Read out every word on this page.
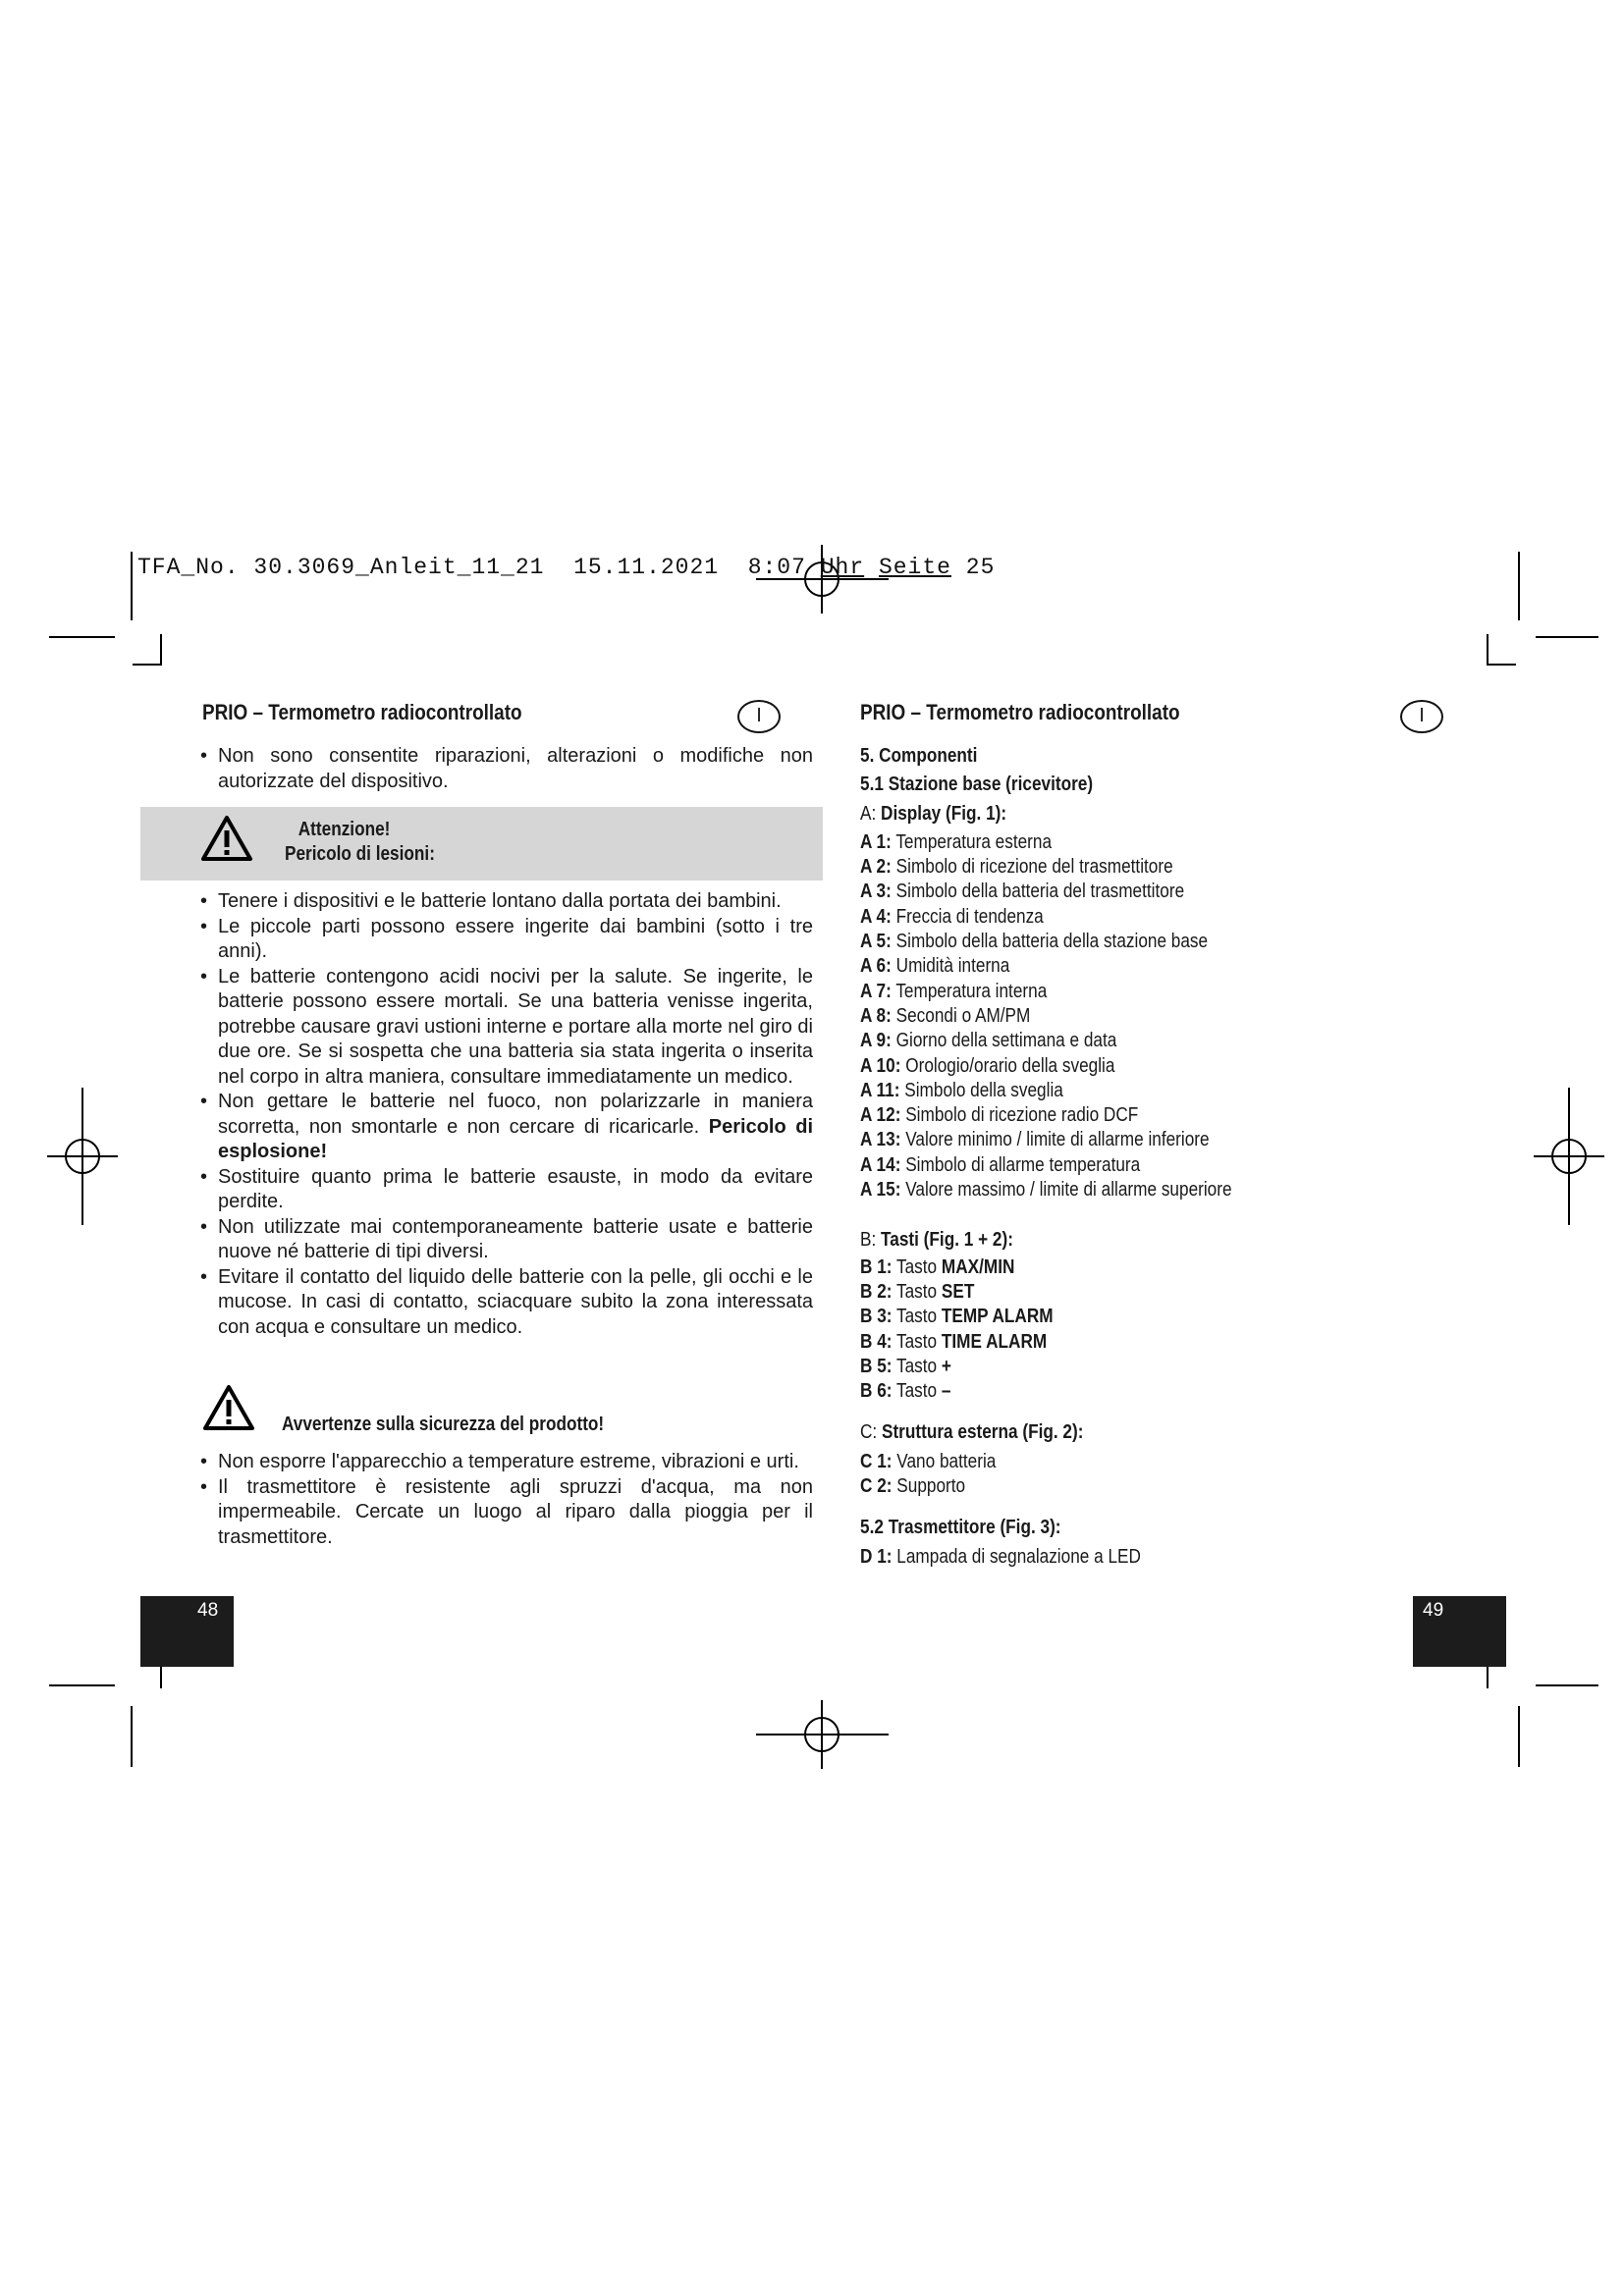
TFA_No. 30.3069_Anleit_11_21  15.11.2021  8:07 Uhr Seite 25
PRIO – Termometro radiocontrollato	I
• Non sono consentite riparazioni, alterazioni o modifiche non autorizzate del dispositivo.
Attenzione!
Pericolo di lesioni:
• Tenere i dispositivi e le batterie lontano dalla portata dei bambini.
• Le piccole parti possono essere ingerite dai bambini (sotto i tre anni).
• Le batterie contengono acidi nocivi per la salute. Se ingerite, le batterie possono essere mortali. Se una batteria venisse ingerita, potrebbe causare gravi ustioni interne e portare alla morte nel giro di due ore. Se si sospetta che una batteria sia stata ingerita o inserita nel corpo in altra maniera, consultare immediatamente un medico.
• Non gettare le batterie nel fuoco, non polarizzarle in maniera scorretta, non smontarle e non cercare di ricaricarle. Pericolo di esplosione!
• Sostituire quanto prima le batterie esauste, in modo da evitare perdite.
• Non utilizzate mai contemporaneamente batterie usate e batterie nuove né batterie di tipi diversi.
• Evitare il contatto del liquido delle batterie con la pelle, gli occhi e le mucose. In casi di contatto, sciacquare subito la zona interessata con acqua e consultare un medico.
Avvertenze sulla sicurezza del prodotto!
• Non esporre l'apparecchio a temperature estreme, vibrazioni e urti.
• Il trasmettitore è resistente agli spruzzi d'acqua, ma non impermeabile. Cercate un luogo al riparo dalla pioggia per il trasmettitore.
48
PRIO – Termometro radiocontrollato	I
5. Componenti
5.1 Stazione base (ricevitore)
A: Display (Fig. 1):
A 1: Temperatura esterna
A 2: Simbolo di ricezione del trasmettitore
A 3: Simbolo della batteria del trasmettitore
A 4: Freccia di tendenza
A 5: Simbolo della batteria della stazione base
A 6: Umidità interna
A 7: Temperatura interna
A 8: Secondi o AM/PM
A 9: Giorno della settimana e data
A 10: Orologio/orario della sveglia
A 11: Simbolo della sveglia
A 12: Simbolo di ricezione radio DCF
A 13: Valore minimo / limite di allarme inferiore
A 14: Simbolo di allarme temperatura
A 15: Valore massimo / limite di allarme superiore
B: Tasti (Fig. 1 + 2):
B 1: Tasto MAX/MIN
B 2: Tasto SET
B 3: Tasto TEMP ALARM
B 4: Tasto TIME ALARM
B 5: Tasto +
B 6: Tasto –
C: Struttura esterna (Fig. 2):
C 1: Vano batteria
C 2: Supporto
5.2 Trasmettitore (Fig. 3):
D 1: Lampada di segnalazione a LED
49
